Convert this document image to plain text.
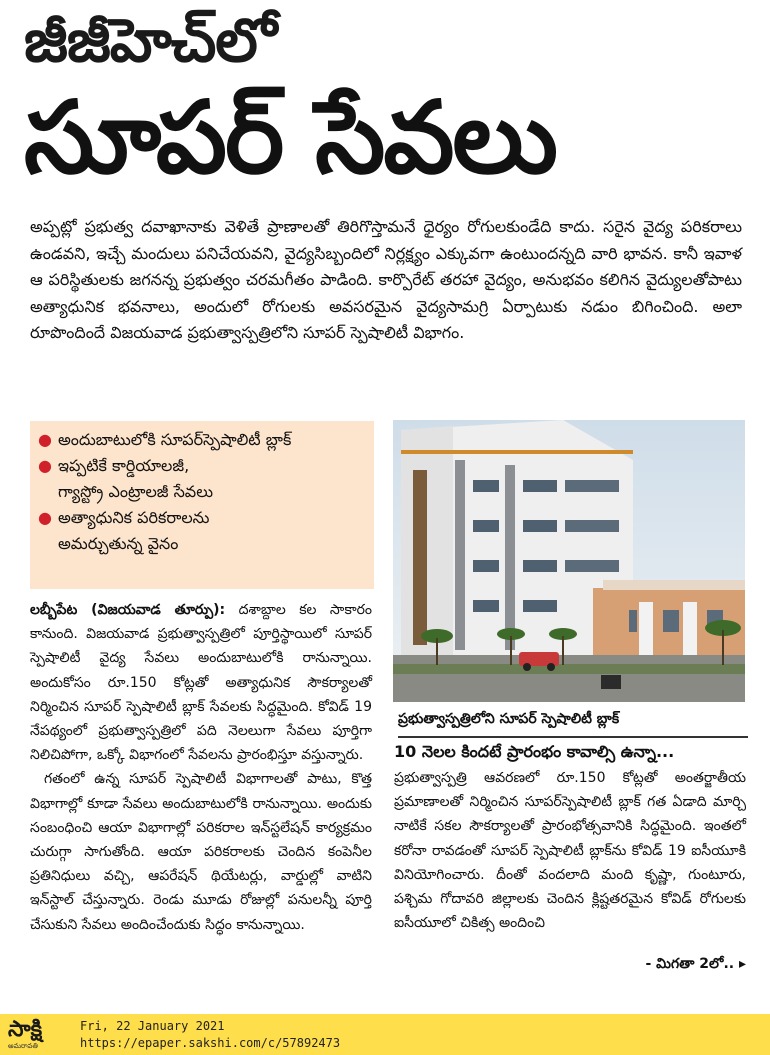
జీజీహెచ్‌లో
సూపర్ సేవలు
అప్పట్లో ప్రభుత్వ దవాఖానాకు వెళితే ప్రాణాలతో తిరిగొస్తామనే ధైర్యం రోగులకుండేది కాదు. సరైన వైద్య పరికరాలు ఉండవని, ఇచ్చే మందులు పనిచేయవని, వైద్యసిబ్బందిలో నిర్లక్ష్యం ఎక్కువగా ఉంటుందన్నది వారి భావన. కానీ ఇవాళ ఆ పరిస్థితులకు జగనన్న ప్రభుత్వం చరమగీతం పాడింది. కార్పొరేట్ తరహా వైద్యం, అనుభవం కలిగిన వైద్యులతోపాటు అత్యాధునిక భవనాలు, అందులో రోగులకు అవసరమైన వైద్యసామగ్రి ఏర్పాటుకు నడుం బిగించింది. అలా రూపొందిందే విజయవాడ ప్రభుత్వాస్పత్రిలోని సూపర్ స్పెషాలిటీ విభాగం.
● అందుబాటులోకి సూపర్‌స్పెషాలిటీ బ్లాక్
● ఇప్పటికే కార్డియాలజీ,
గ్యాస్ట్రో ఎంట్రాలజీ సేవలు
● అత్యాధునిక పరికరాలను
అమర్చుతున్న వైనం
ప్రభుత్వాస్పత్రిలోని సూపర్ స్పెషాలిటీ బ్లాక్

లబ్బీపేట (విజయవాడ తూర్పు): దశాబ్దాల కల సాకారం కానుంది. విజయవాడ ప్రభుత్వాస్పత్రిలో పూర్తిస్థాయిలో సూపర్ స్పెషాలిటీ వైద్య సేవలు అందుబాటులోకి రానున్నాయి. అందుకోసం రూ.150 కోట్లతో అత్యాధునిక సౌకర్యాలతో నిర్మించిన సూపర్ స్పెషాలిటీ బ్లాక్ సేవలకు సిద్ధమైంది. కోవిడ్ 19 నేపథ్యంలో ప్రభుత్వాస్పత్రిలో పది నెలలుగా సేవలు పూర్తిగా నిలిచిపోగా, ఒక్కో విభాగంలో సేవలను ప్రారంభిస్తూ వస్తున్నారు.

గతంలో ఉన్న సూపర్ స్పెషాలిటీ విభాగాలతో పాటు, కొత్త విభాగాల్లో కూడా సేవలు అందుబాటులోకి రానున్నాయి. అందుకు సంబంధించి ఆయా విభాగాల్లో పరికరాల ఇన్‌స్టలేషన్ కార్యక్రమం చురుగ్గా సాగుతోంది. ఆయా పరికరాలకు చెందిన కంపెనీల ప్రతినిధులు వచ్చి, ఆపరేషన్ థియేటర్లు, వార్డుల్లో వాటిని ఇన్‌స్టాల్ చేస్తున్నారు. రెండు మూడు రోజుల్లో పనులన్నీ పూర్తి చేసుకుని సేవలు అందించేందుకు సిద్ధం కానున్నాయి.

10 నెలల కిందటే ప్రారంభం కావాల్సి ఉన్నా...

ప్రభుత్వాస్పత్రి ఆవరణలో రూ.150 కోట్లతో అంతర్జాతీయ ప్రమాణాలతో నిర్మించిన సూపర్‌స్పెషాలిటీ బ్లాక్ గత ఏడాది మార్చి నాటికే సకల సౌకర్యాలతో ప్రారంభోత్సవానికి సిద్ధమైంది. ఇంతలో కరోనా రావడంతో సూపర్ స్పెషాలిటీ బ్లాక్‌ను కోవిడ్ 19 ఐసీయూకి వినియోగించారు. దీంతో వందలాది మంది కృష్ణా, గుంటూరు, పశ్చిమ గోదావరి జిల్లాలకు చెందిన క్లిష్టతరమైన కోవిడ్ రోగులకు ఐసీయూలో చికిత్స అందించి

- మిగతా 2లో.. ▸
సాక్షి
అమరావతి
Fri, 22 January 2021
https://epaper.sakshi.com/c/57892473
